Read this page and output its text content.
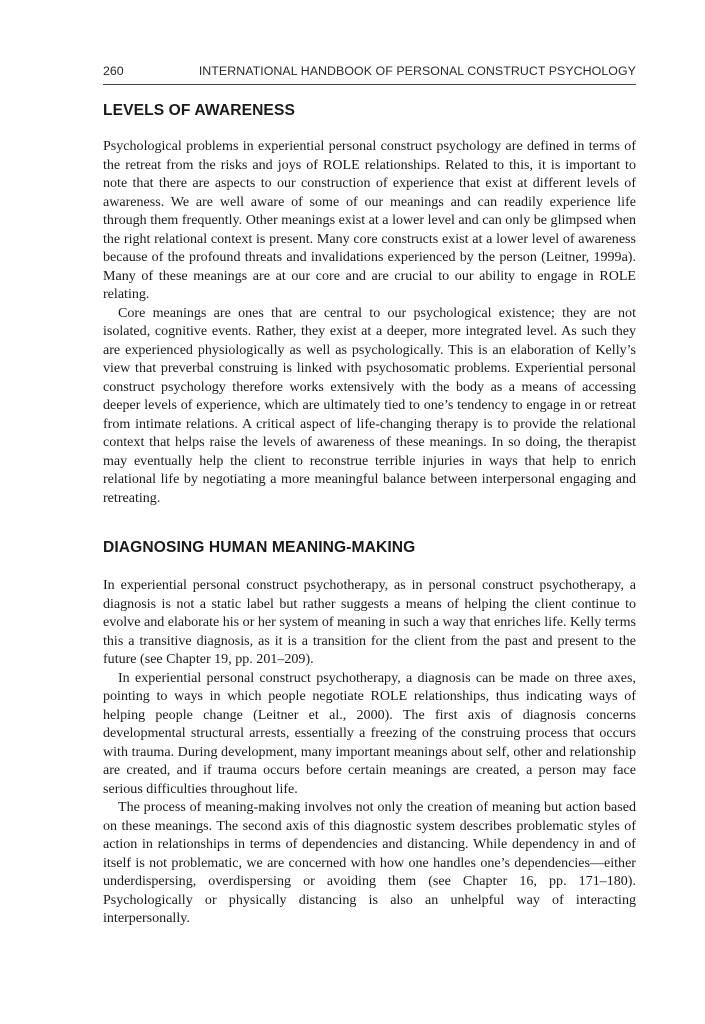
260	INTERNATIONAL HANDBOOK OF PERSONAL CONSTRUCT PSYCHOLOGY
LEVELS OF AWARENESS

Psychological problems in experiential personal construct psychology are defined in terms of the retreat from the risks and joys of ROLE relationships. Related to this, it is important to note that there are aspects to our construction of experience that exist at different levels of awareness. We are well aware of some of our meanings and can readily experience life through them frequently. Other meanings exist at a lower level and can only be glimpsed when the right relational context is present. Many core constructs exist at a lower level of awareness because of the profound threats and invalidations experienced by the person (Leitner, 1999a). Many of these meanings are at our core and are crucial to our ability to engage in ROLE relating.

Core meanings are ones that are central to our psychological existence; they are not isolated, cognitive events. Rather, they exist at a deeper, more integrated level. As such they are experienced physiologically as well as psychologically. This is an elaboration of Kelly’s view that preverbal construing is linked with psychosomatic problems. Experiential personal construct psychology therefore works extensively with the body as a means of accessing deeper levels of experience, which are ultimately tied to one’s tendency to engage in or retreat from intimate relations. A critical aspect of life-changing therapy is to provide the relational context that helps raise the levels of awareness of these meanings. In so doing, the therapist may eventually help the client to reconstrue terrible injuries in ways that help to enrich relational life by negotiating a more meaningful balance between interpersonal engaging and retreating.

DIAGNOSING HUMAN MEANING-MAKING

In experiential personal construct psychotherapy, as in personal construct psychotherapy, a diagnosis is not a static label but rather suggests a means of helping the client continue to evolve and elaborate his or her system of meaning in such a way that enriches life. Kelly terms this a transitive diagnosis, as it is a transition for the client from the past and present to the future (see Chapter 19, pp. 201–209).

In experiential personal construct psychotherapy, a diagnosis can be made on three axes, pointing to ways in which people negotiate ROLE relationships, thus indicating ways of helping people change (Leitner et al., 2000). The first axis of diagnosis concerns developmental structural arrests, essentially a freezing of the construing process that occurs with trauma. During development, many important meanings about self, other and relationship are created, and if trauma occurs before certain meanings are created, a person may face serious difficulties throughout life.

The process of meaning-making involves not only the creation of meaning but action based on these meanings. The second axis of this diagnostic system describes problematic styles of action in relationships in terms of dependencies and distancing. While dependency in and of itself is not problematic, we are concerned with how one handles one’s dependencies—either underdispersing, overdispersing or avoiding them (see Chapter 16, pp. 171–180). Psychologically or physically distancing is also an unhelpful way of interacting interpersonally.
